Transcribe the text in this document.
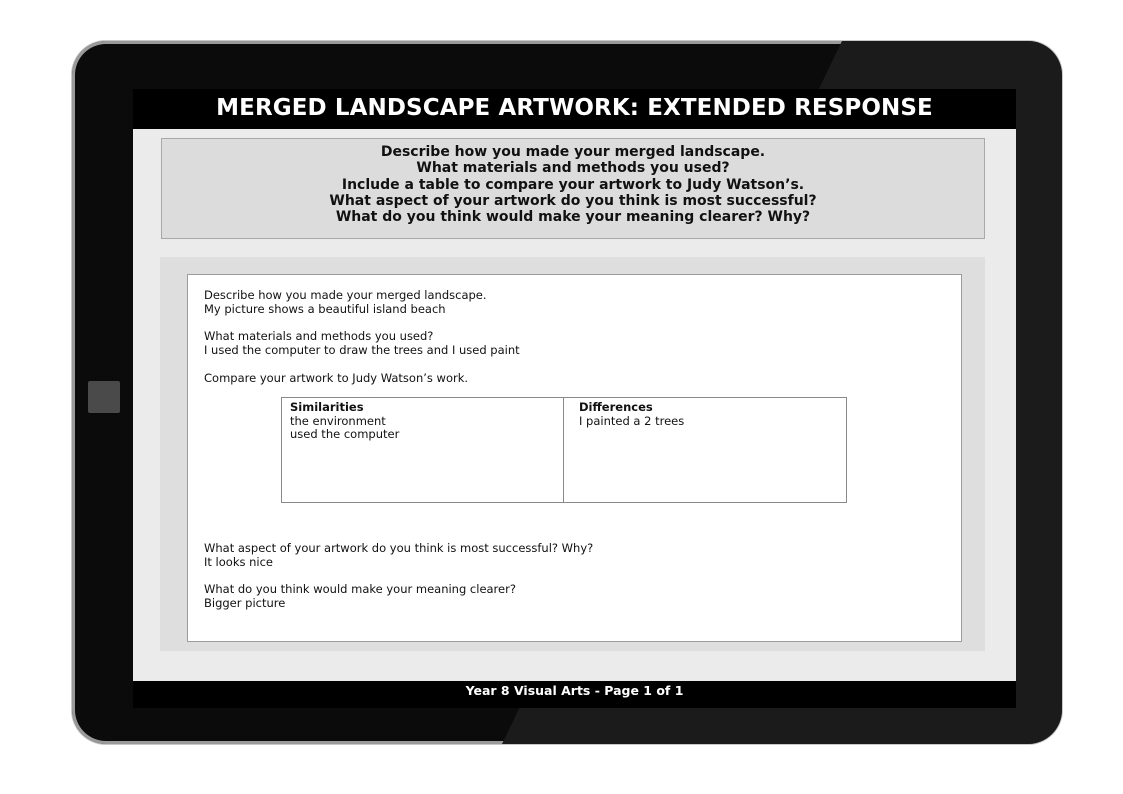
MERGED LANDSCAPE ARTWORK: EXTENDED RESPONSE
Describe how you made your merged landscape.
What materials and methods you used?
Include a table to compare your artwork to Judy Watson’s.
What aspect of your artwork do you think is most successful?
What do you think would make your meaning clearer? Why?
Describe how you made your merged landscape.
My picture shows a beautiful island beach
What materials and methods you used?
I used the computer to draw the trees and I used paint
Compare your artwork to Judy Watson’s work.
Similarities
the environment
used the computer
Differences
I painted a 2 trees
What aspect of your artwork do you think is most successful? Why?
It looks nice
What do you think would make your meaning clearer?
Bigger picture
Year 8 Visual Arts - Page 1 of 1
